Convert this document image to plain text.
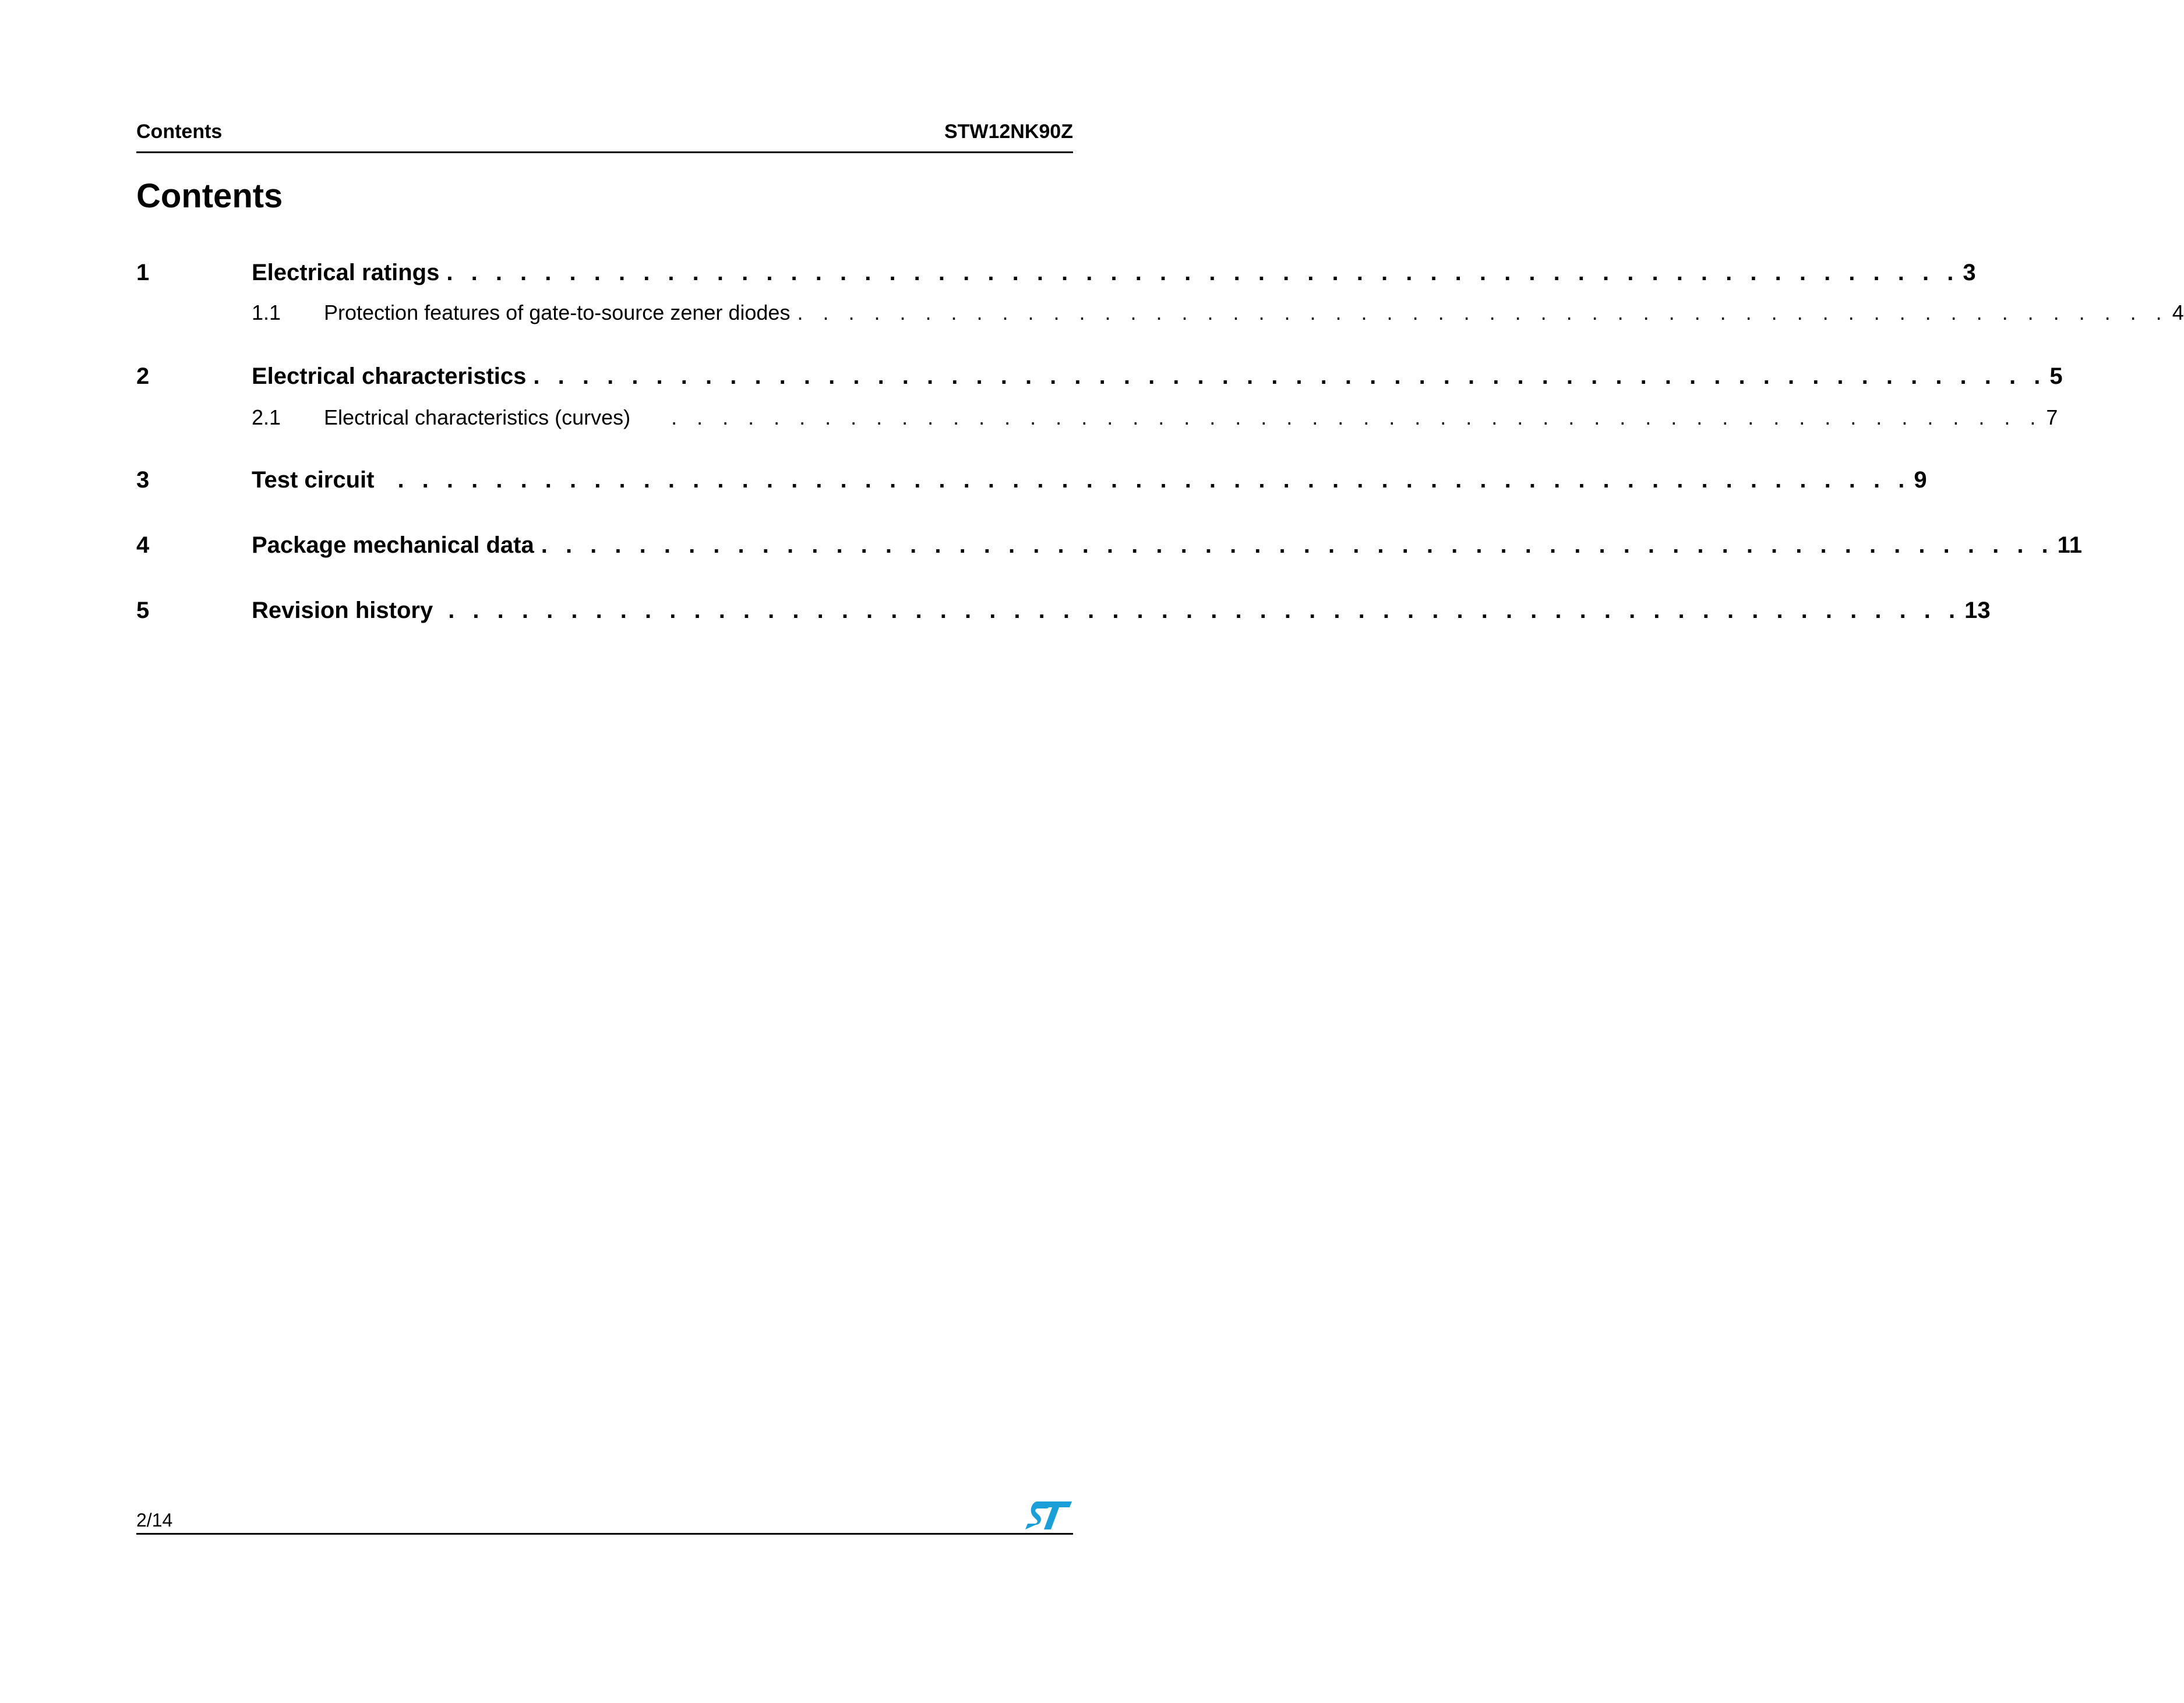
Contents	STW12NK90Z
Contents
1	Electrical ratings . . . . . . . . . . . . . . . . . . . . . . . . . . . . . . . . . . . . . . . . . . . . . . . . . . . . . . . . . . . . . . 3
1.1	Protection features of gate-to-source zener diodes . . . . . . . . . . . . . . . . . . . . . . . . . . . . . . . . . . . . . . . . . . . . . . . . . . . . . . 4
2	Electrical characteristics . . . . . . . . . . . . . . . . . . . . . . . . . . . . . . . . . . . . . . . . . . . . . . . . . . . . . . . . . . . . . . 5
2.1	Electrical characteristics (curves)	. . . . . . . . . . . . . . . . . . . . . . . . . . . . . . . . . . . . . . . . . . . . . . . . . . . . . . 7
3	Test circuit	. . . . . . . . . . . . . . . . . . . . . . . . . . . . . . . . . . . . . . . . . . . . . . . . . . . . . . . . . . . . . . 9
4	Package mechanical data . . . . . . . . . . . . . . . . . . . . . . . . . . . . . . . . . . . . . . . . . . . . . . . . . . . . . . . . . . . . . . 11
5	Revision history . . . . . . . . . . . . . . . . . . . . . . . . . . . . . . . . . . . . . . . . . . . . . . . . . . . . . . . . . . . . . . 13
2/14
